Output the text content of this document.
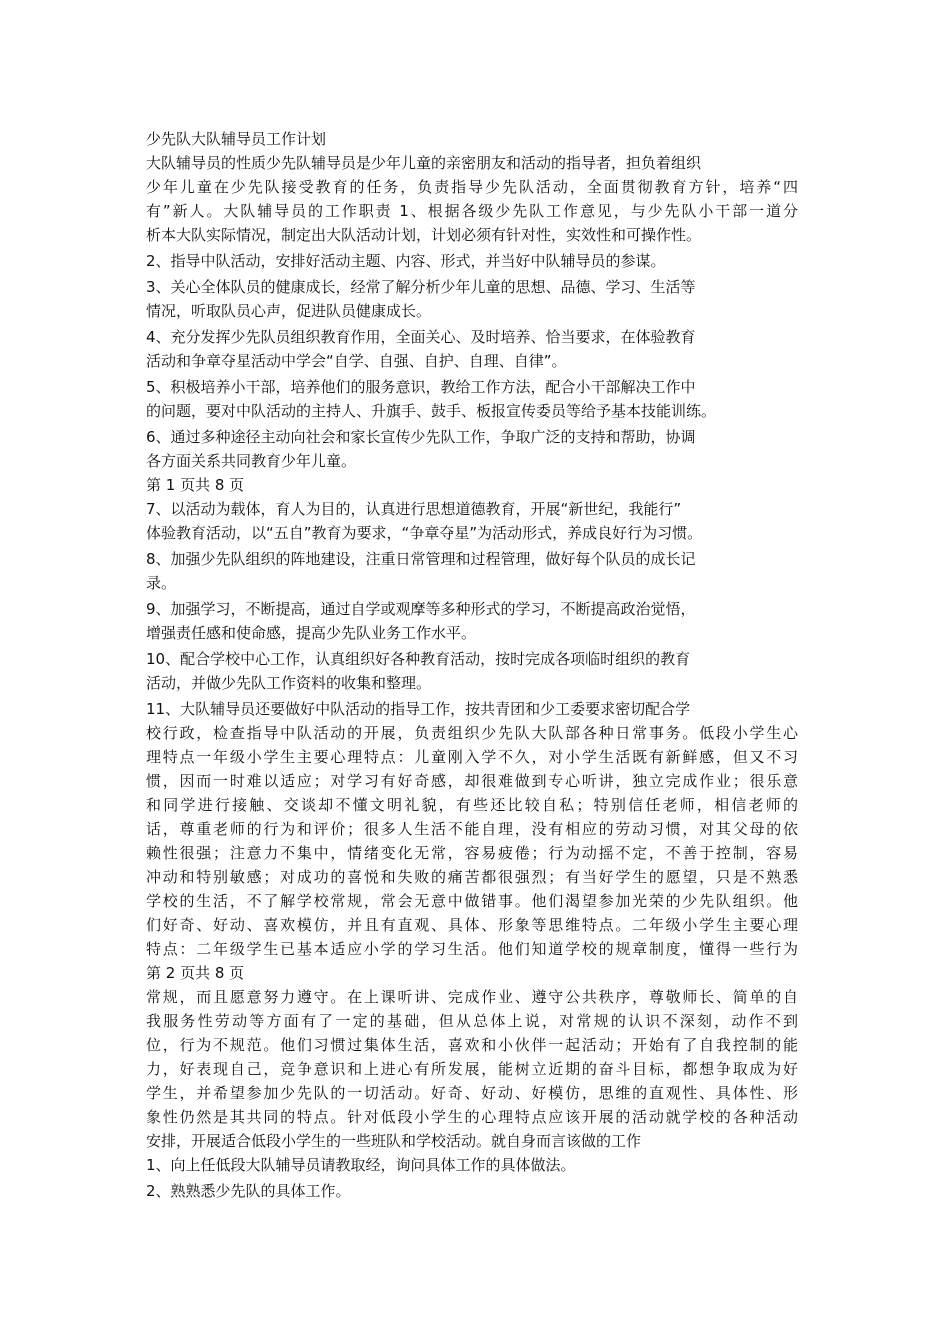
少先队大队辅导员工作计划
大队辅导员的性质少先队辅导员是少年儿童的亲密朋友和活动的指导者，担负着组织
少年儿童在少先队接受教育的任务，负责指导少先队活动，全面贯彻教育方针，培养“四
有”新人。大队辅导员的工作职责 1、根据各级少先队工作意见，与少先队小干部一道分
析本大队实际情况，制定出大队活动计划，计划必须有针对性，实效性和可操作性。
2、指导中队活动，安排好活动主题、内容、形式，并当好中队辅导员的参谋。
3、关心全体队员的健康成长，经常了解分析少年儿童的思想、品德、学习、生活等
情况，听取队员心声，促进队员健康成长。
4、充分发挥少先队员组织教育作用，全面关心、及时培养、恰当要求，在体验教育
活动和争章夺星活动中学会“自学、自强、自护、自理、自律”。
5、积极培养小干部，培养他们的服务意识，教给工作方法，配合小干部解决工作中
的问题，要对中队活动的主持人、升旗手、鼓手、板报宣传委员等给予基本技能训练。
6、通过多种途径主动向社会和家长宣传少先队工作，争取广泛的支持和帮助，协调
各方面关系共同教育少年儿童。
第 1 页共 8 页
7、以活动为载体，育人为目的，认真进行思想道德教育，开展“新世纪，我能行”
体验教育活动，以“五自”教育为要求，“争章夺星”为活动形式，养成良好行为习惯。
8、加强少先队组织的阵地建设，注重日常管理和过程管理，做好每个队员的成长记
录。
9、加强学习，不断提高，通过自学或观摩等多种形式的学习，不断提高政治觉悟，
增强责任感和使命感，提高少先队业务工作水平。
10、配合学校中心工作，认真组织好各种教育活动，按时完成各项临时组织的教育
活动，并做少先队工作资料的收集和整理。
11、大队辅导员还要做好中队活动的指导工作，按共青团和少工委要求密切配合学
校行政，检查指导中队活动的开展，负责组织少先队大队部各种日常事务。低段小学生心
理特点一年级小学生主要心理特点：儿童刚入学不久，对小学生活既有新鲜感，但又不习
惯，因而一时难以适应；对学习有好奇感，却很难做到专心听讲，独立完成作业；很乐意
和同学进行接触、交谈却不懂文明礼貌，有些还比较自私；特别信任老师，相信老师的
话，尊重老师的行为和评价；很多人生活不能自理，没有相应的劳动习惯，对其父母的依
赖性很强；注意力不集中，情绪变化无常，容易疲倦；行为动摇不定，不善于控制，容易
冲动和特别敏感；对成功的喜悦和失败的痛苦都很强烈；有当好学生的愿望，只是不熟悉
学校的生活，不了解学校常规，常会无意中做错事。他们渴望参加光荣的少先队组织。他
们好奇、好动、喜欢模仿，并且有直观、具体、形象等思维特点。二年级小学生主要心理
特点：二年级学生已基本适应小学的学习生活。他们知道学校的规章制度，懂得一些行为
第 2 页共 8 页
常规，而且愿意努力遵守。在上课听讲、完成作业、遵守公共秩序，尊敬师长、简单的自
我服务性劳动等方面有了一定的基础，但从总体上说，对常规的认识不深刻，动作不到
位，行为不规范。他们习惯过集体生活，喜欢和小伙伴一起活动；开始有了自我控制的能
力，好表现自己，竞争意识和上进心有所发展，能树立近期的奋斗目标，都想争取成为好
学生，并希望参加少先队的一切活动。好奇、好动、好模仿，思维的直观性、具体性、形
象性仍然是其共同的特点。针对低段小学生的心理特点应该开展的活动就学校的各种活动
安排，开展适合低段小学生的一些班队和学校活动。就自身而言该做的工作
1、向上任低段大队辅导员请教取经，询问具体工作的具体做法。
2、熟熟悉少先队的具体工作。
